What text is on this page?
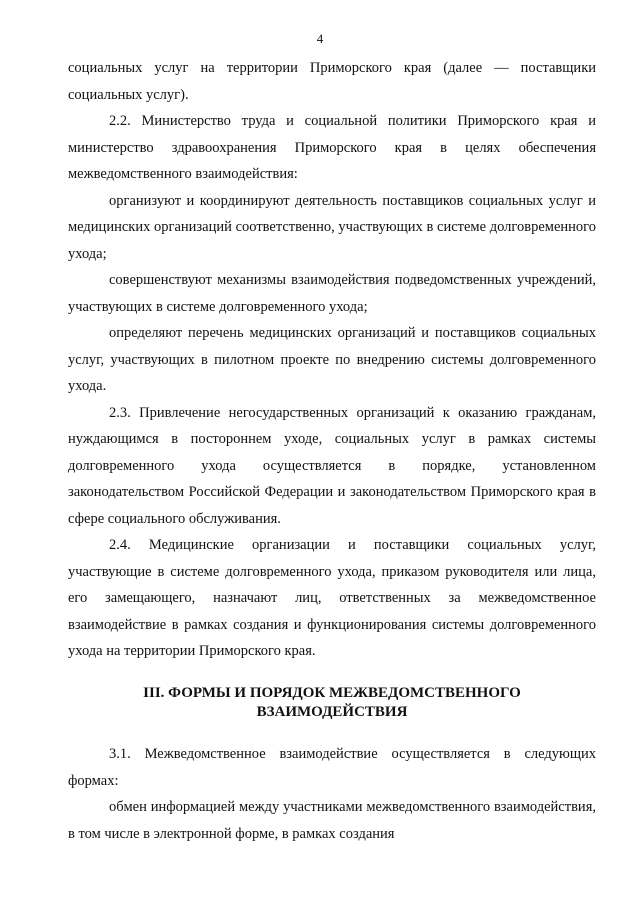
4

социальных услуг на территории Приморского края (далее — поставщики социальных услуг).

2.2. Министерство труда и социальной политики Приморского края и министерство здравоохранения Приморского края в целях обеспечения межведомственного взаимодействия:

организуют и координируют деятельность поставщиков социальных услуг и медицинских организаций соответственно, участвующих в системе долговременного ухода;

совершенствуют механизмы взаимодействия подведомственных учреждений, участвующих в системе долговременного ухода;

определяют перечень медицинских организаций и поставщиков социальных услуг, участвующих в пилотном проекте по внедрению системы долговременного ухода.

2.3. Привлечение негосударственных организаций к оказанию гражданам, нуждающимся в постороннем уходе, социальных услуг в рамках системы долговременного ухода осуществляется в порядке, установленном законодательством Российской Федерации и законодательством Приморского края в сфере социального обслуживания.

2.4. Медицинские организации и поставщики социальных услуг, участвующие в системе долговременного ухода, приказом руководителя или лица, его замещающего, назначают лиц, ответственных за межведомственное взаимодействие в рамках создания и функционирования системы долговременного ухода на территории Приморского края.

III. ФОРМЫ И ПОРЯДОК МЕЖВЕДОМСТВЕННОГО
ВЗАИМОДЕЙСТВИЯ

3.1. Межведомственное взаимодействие осуществляется в следующих формах:

обмен информацией между участниками межведомственного взаимодействия, в том числе в электронной форме, в рамках создания
